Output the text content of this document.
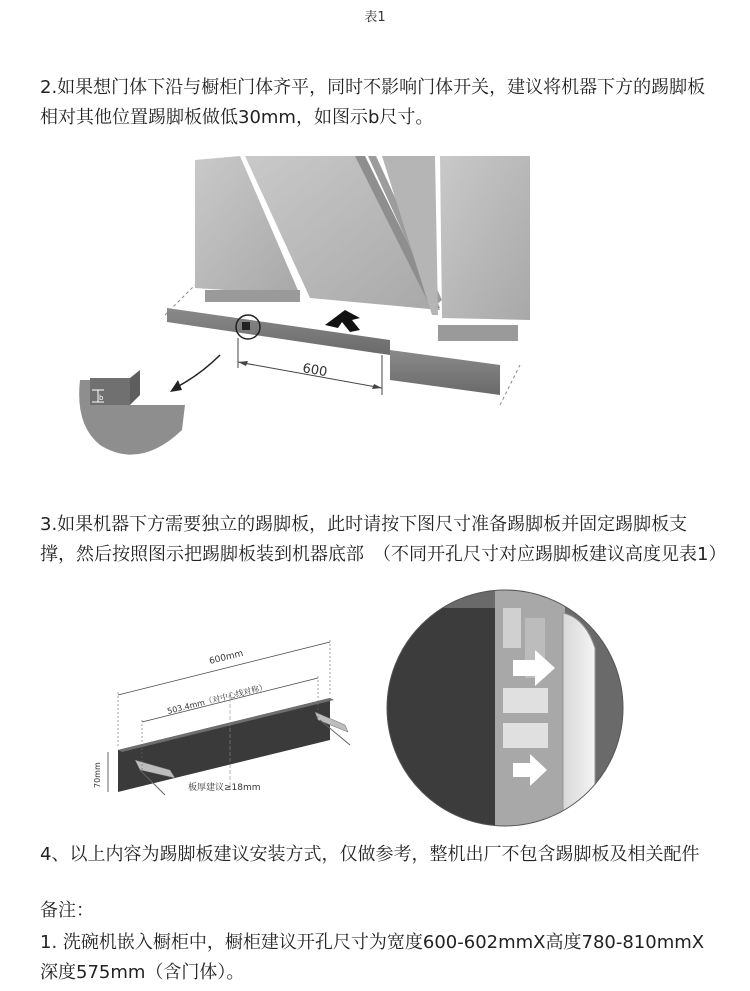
表1

2.如果想门体下沿与橱柜门体齐平，同时不影响门体开关，建议将机器下方的踢脚板相对其他位置踢脚板做低30mm，如图示b尺寸。

600
b

3.如果机器下方需要独立的踢脚板，此时请按下图尺寸准备踢脚板并固定踢脚板支撑，然后按照图示把踢脚板装到机器底部　（不同开孔尺寸对应踢脚板建议高度见表1）

600mm
503.4mm（对中心线对称）
70mm	板厚建议≥18mm

4、以上内容为踢脚板建议安装方式，仅做参考，整机出厂不包含踢脚板及相关配件

备注：

1. 洗碗机嵌入橱柜中，橱柜建议开孔尺寸为宽度600-602mmX高度780-810mmX深度575mm（含门体）。
